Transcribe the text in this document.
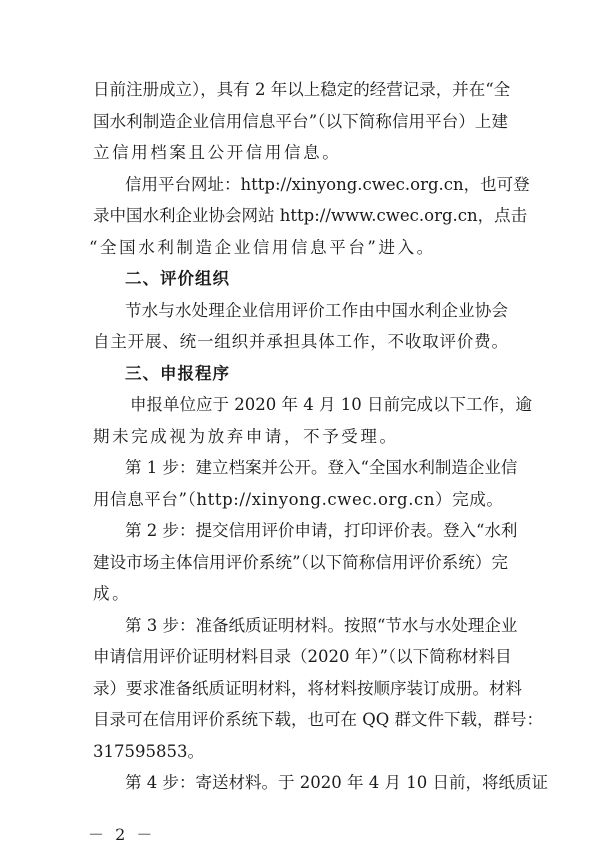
日前注册成立），具有 2 年以上稳定的经营记录，并在“全
国水利制造企业信用信息平台”（以下简称信用平台）上建
立信用档案且公开信用信息。
信用平台网址：http://xinyong.cwec.org.cn，也可登
录中国水利企业协会网站 http://www.cwec.org.cn，点击
“全国水利制造企业信用信息平台”进入。
二、评价组织
节水与水处理企业信用评价工作由中国水利企业协会
自主开展、统一组织并承担具体工作，不收取评价费。
三、申报程序
申报单位应于 2020 年 4 月 10 日前完成以下工作，逾
期未完成视为放弃申请，不予受理。
第 1 步：建立档案并公开。登入“全国水利制造企业信
用信息平台”（http://xinyong.cwec.org.cn）完成。
第 2 步：提交信用评价申请，打印评价表。登入“水利
建设市场主体信用评价系统”（以下简称信用评价系统）完
成。
第 3 步：准备纸质证明材料。按照“节水与水处理企业
申请信用评价证明材料目录（2020 年）”（以下简称材料目
录）要求准备纸质证明材料，将材料按顺序装订成册。材料
目录可在信用评价系统下载，也可在 QQ 群文件下载，群号：
317595853。
第 4 步：寄送材料。于 2020 年 4 月 10 日前，将纸质证
－ 2 －
